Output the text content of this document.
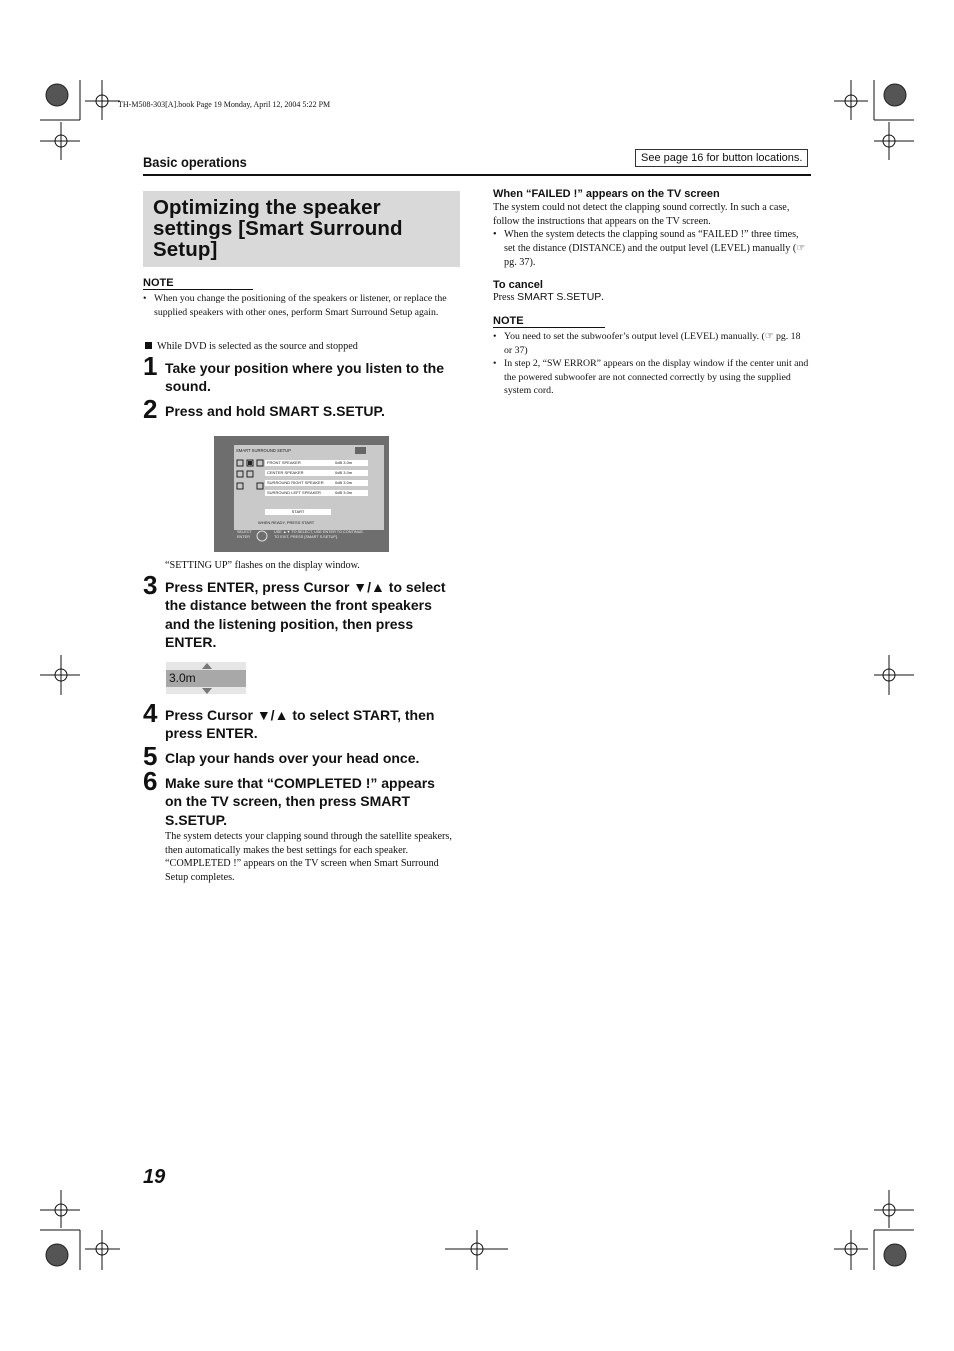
TH-M508-303[A].book Page 19 Monday, April 12, 2004 5:22 PM
Basic operations	See page 16 for button locations.
Optimizing the speaker settings [Smart Surround Setup]
NOTE
• When you change the positioning of the speakers or listener, or replace the supplied speakers with other ones, perform Smart Surround Setup again.
While DVD is selected as the source and stopped
1 Take your position where you listen to the sound.
2 Press and hold SMART S.SETUP.
SMART SURROUND SETUP
FRONT SPEAKER	0dB 3.0m
CENTER SPEAKER	0dB 3.0m
SURROUND RIGHT SPEAKER	0dB 3.0m
SURROUND LEFT SPEAKER	0dB 3.0m
START
WHEN READY, PRESS START
SELECT
ENTER
USE ▲▼ TO SELECT, USE ENTER TO CONTINUE.
TO EXIT, PRESS [SMART S.SETUP].
“SETTING UP” flashes on the display window.
3 Press ENTER, press Cursor ▼/▲ to select the distance between the front speakers and the listening position, then press ENTER.
3.0m
4 Press Cursor ▼/▲ to select START, then press ENTER.
5 Clap your hands over your head once.
6 Make sure that “COMPLETED !” appears on the TV screen, then press SMART S.SETUP.
The system detects your clapping sound through the satellite speakers, then automatically makes the best settings for each speaker. “COMPLETED !” appears on the TV screen when Smart Surround Setup completes.
When “FAILED !” appears on the TV screen
The system could not detect the clapping sound correctly. In such a case, follow the instructions that appears on the TV screen.
• When the system detects the clapping sound as “FAILED !” three times, set the distance (DISTANCE) and the output level (LEVEL) manually (☞ pg. 37).
To cancel
Press SMART S.SETUP.
NOTE
• You need to set the subwoofer’s output level (LEVEL) manually. (☞ pg. 18 or 37)
• In step 2, “SW ERROR” appears on the display window if the center unit and the powered subwoofer are not connected correctly by using the supplied system cord.
19
